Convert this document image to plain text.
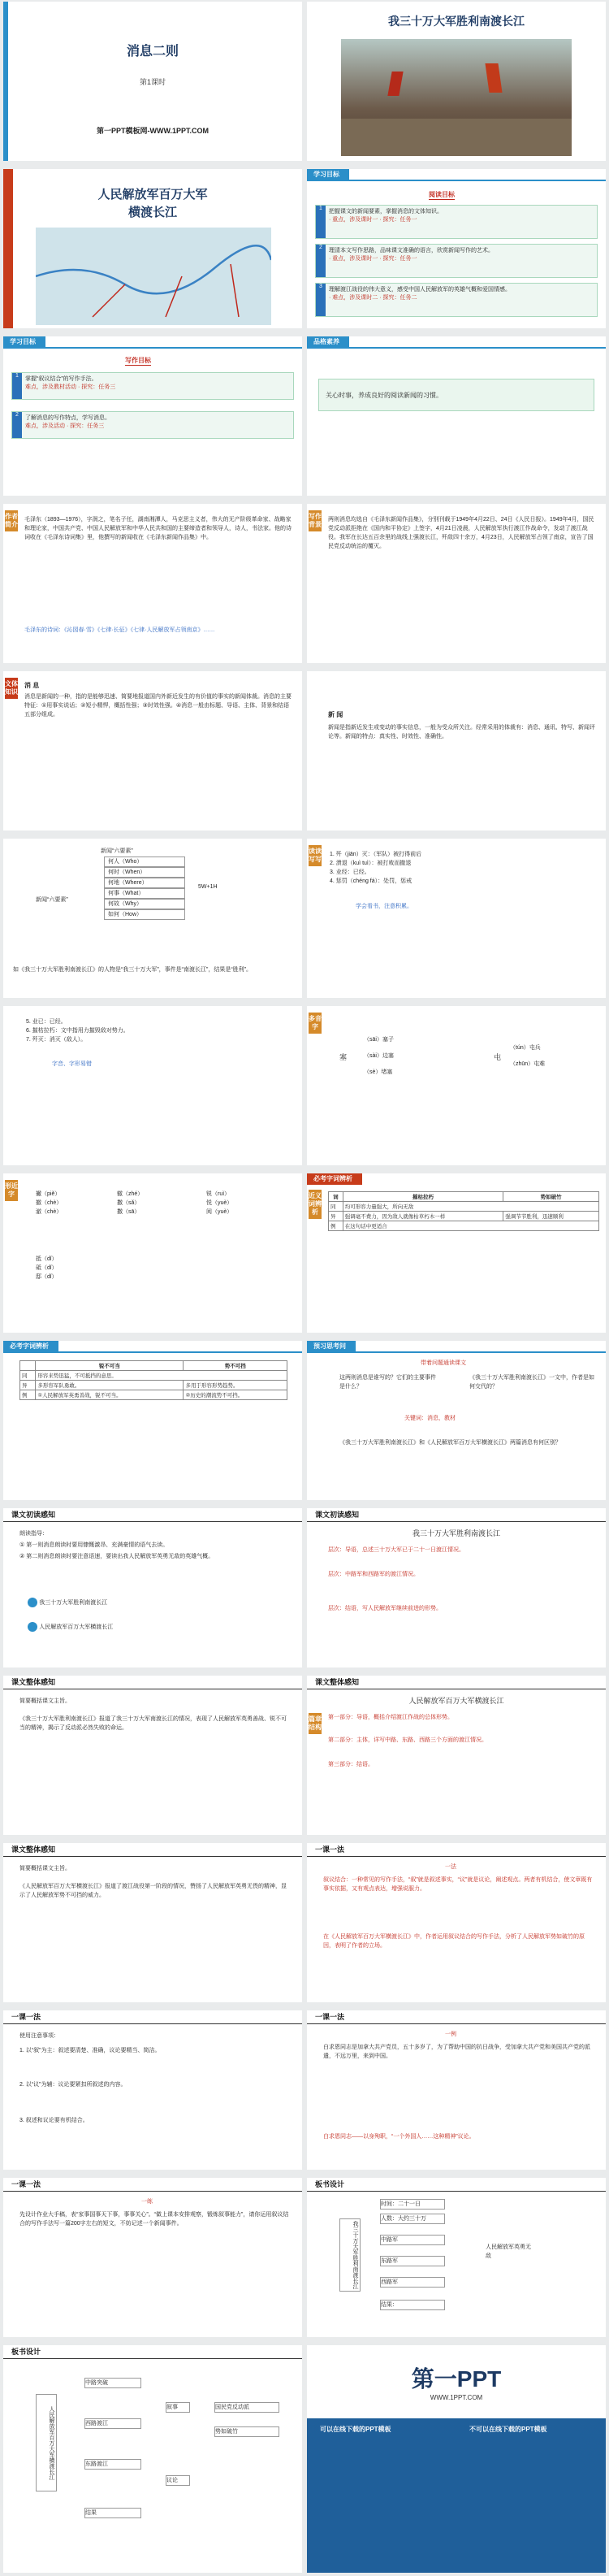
消息二则
第1课时
第一PPT模板网-WWW.1PPT.COM
我三十万大军胜利南渡长江
人民解放军百万大军
横渡长江
学习目标
阅读目标
1
把握课文的新闻要素，掌握消息的文体知识。
· 重点，涉及课时一 · 探究：任务一
2
理清本文写作思路，品味课文准确的语言，欣赏新闻写作的艺术。
· 重点，涉及课时一 · 探究：任务一
3
理解渡江战役的伟大意义，感受中国人民解放军的英雄气概和爱国情感。
· 难点，涉及课时二 · 探究：任务二
学习目标
写作目标
1
掌握“叙议结合”的写作手法。
难点，涉及教材活动 · 探究：任务三
2
了解消息的写作特点，学写消息。
难点，涉及活动 · 探究：任务三
品格素养
关心时事，养成良好的阅读新闻的习惯。
作者简介
毛泽东（1893—1976），字润之，笔名子任，湖南湘潭人，马克思主义者，伟大的无产阶级革命家、战略家和理论家，中国共产党、中国人民解放军和中华人民共和国的主要缔造者和领导人，诗人，书法家。他的诗词收在《毛泽东诗词集》里，他撰写的新闻收在《毛泽东新闻作品集》中。
毛泽东的诗词：《沁园春·雪》《七律·长征》《七律·人民解放军占领南京》……
写作背景
两则消息均选自《毛泽东新闻作品集》，分别刊载于1949年4月22日、24日《人民日报》。1949年4月，国民党反动派拒绝在《国内和平协定》上签字，4月21日凌晨，人民解放军执行渡江作战命令，发动了渡江战役。我军在长达五百余里的战线上强渡长江，歼敌四十余万，4月23日，人民解放军占领了南京，宣告了国民党反动统治的覆灭。
文体知识
消 息
消息是新闻的一种，指的是能够迅速、简要地报道国内外新近发生的有价值的事实的新闻体裁。消息的主要特征：①用事实说话；②短小精悍，概括性强；③时效性强。④消息一般由标题、导语、主体、背景和结语五部分组成。	新 闻
新闻是指新近发生或变动的事实信息，一般为受众所关注。经常采用的体裁有：消息、通讯、特写、新闻评论等。新闻的特点：真实性、时效性、准确性。
新闻“六要素”
新闻“六要素”
何人（Who）
何时（When）
何地（Where）
何事（What）
何故（Why）
如何（How）
5W+1H
如《我三十万大军胜利南渡长江》的人物是“我三十万大军”，事件是“南渡长江”，结果是“胜利”。
读读写写
1. 歼（jiān）灭：（军队）被打得前后
2. 溃退（kuì tuì）：被打败而撤退
3. 业经：已经。
4. 惩罚（chéng fá）：处罚，惩戒
学会看书，注意积累。
5. 业已：已经。
6. 摧枯拉朽：文中指用力摧毁敌对势力。
7. 歼灭：消灭（敌人）。
字音、字形易错
多音字
塞
（sāi）塞子
（sài）边塞
（sè）堵塞
屯
（tún）屯兵
（zhūn）屯难
形近字	撇（piě）
撤（chè）
澈（chè）
辙（zhé）
撒（sǎ）
撒（sā）
锐（ruì）
悦（yuè）
阅（yuè）
抵（dǐ）
砥（dǐ）
邸（dǐ）
必考字词辨析
近义词辨析
词	摧枯拉朽	势如破竹
同	均可形容力量强大，所向无敌	
异	强调毫不费力，因为敌人就像枯草朽木一样	强调节节胜利，迅速顺利
例	在这句话中更适合	
必考字词辨析
	锐不可当	势不可挡
同	形容来势迅猛，不可抵挡的意思。	
异	多形容军队勇敢。	多用于形容形势趋势。
例	①人民解放军英勇善战，锐不可当。	②历史的潮流势不可挡。
预习思考问
带着问题通读课文
这两则消息是谁写的？它们的主要事件是什么？
《我三十万大军胜利南渡长江》一文中，作者是如何交代的？
关键词：消息，教材
《我三十万大军胜利南渡长江》和《人民解放军百万大军横渡长江》两篇消息有何区别？
课文初读感知
朗读指导：
① 第一则消息朗读时要用慷慨激昂、充满豪情的语气去读。
② 第二则消息朗读时要注意语速，要读出我人民解放军英勇无敌的英雄气概。
我三十万大军胜利南渡长江
人民解放军百万大军横渡长江
课文初读感知
我三十万大军胜利南渡长江
层次：导语，总述三十万大军已于二十一日渡江情况。
层次：中路军和西路军的渡江情况。
层次：结语，写人民解放军继续前进的形势。
课文整体感知
简要概括课文主旨。
《我三十万大军胜利南渡长江》报道了我三十万大军南渡长江的情况，表现了人民解放军英勇善战、锐不可当的精神，揭示了反动派必然失败的命运。
课文整体感知
人民解放军百万大军横渡长江
篇章结构
第一部分：导语，概括介绍渡江作战的总体形势。
第二部分：主体，详写中路、东路、西路三个方面的渡江情况。
第三部分：结语。
课文整体感知
简要概括课文主旨。
《人民解放军百万大军横渡长江》报道了渡江战役第一阶段的情况，赞扬了人民解放军英勇无畏的精神，显示了人民解放军势不可挡的威力。
一课一法
一法
叙议结合：一种常见的写作手法，“叙”就是叙述事实，“议”就是议论，阐述观点。两者有机结合，使文章既有事实依据，又有观点表达，增强说服力。
在《人民解放军百万大军横渡长江》中，作者运用叙议结合的写作手法，分析了人民解放军势如破竹的原因，表明了作者的立场。
一课一法
使用注意事项：
1. 以“叙”为主：叙述要清楚、准确，议论要精当、简洁。
2. 以“议”为辅：议论要紧扣所叙述的内容。
3. 叙述和议论要有机结合。
一课一法
一例
白求恩同志是加拿大共产党员，五十多岁了，为了帮助中国的抗日战争，受加拿大共产党和美国共产党的派遣，不远万里，来到中国。
白求恩同志——以身殉职，“一个外国人……这种精神”议论。
一课一法
一练
先设计作业大手稿，表“家事国事天下事，事事关心”。“做上课本安排观察，锻炼叙事能力”，请你运用叙议结合的写作手法写一篇200字左右的短文，不妨记述一个新闻事件。
板书设计
我三十万大军胜利南渡长江
时间：二十一日
人数：大约三十万
中路军
东路军
西路军
结果：
人民解放军英勇无敌
板书设计
人民解放军百万大军横渡长江
中路突破
西路渡江
东路渡江
结果
叙事
议论
国民党反动派
势如破竹
第一PPT
WWW.1PPT.COM
可以在线下载的PPT模板	不可以在线下载的PPT模板
